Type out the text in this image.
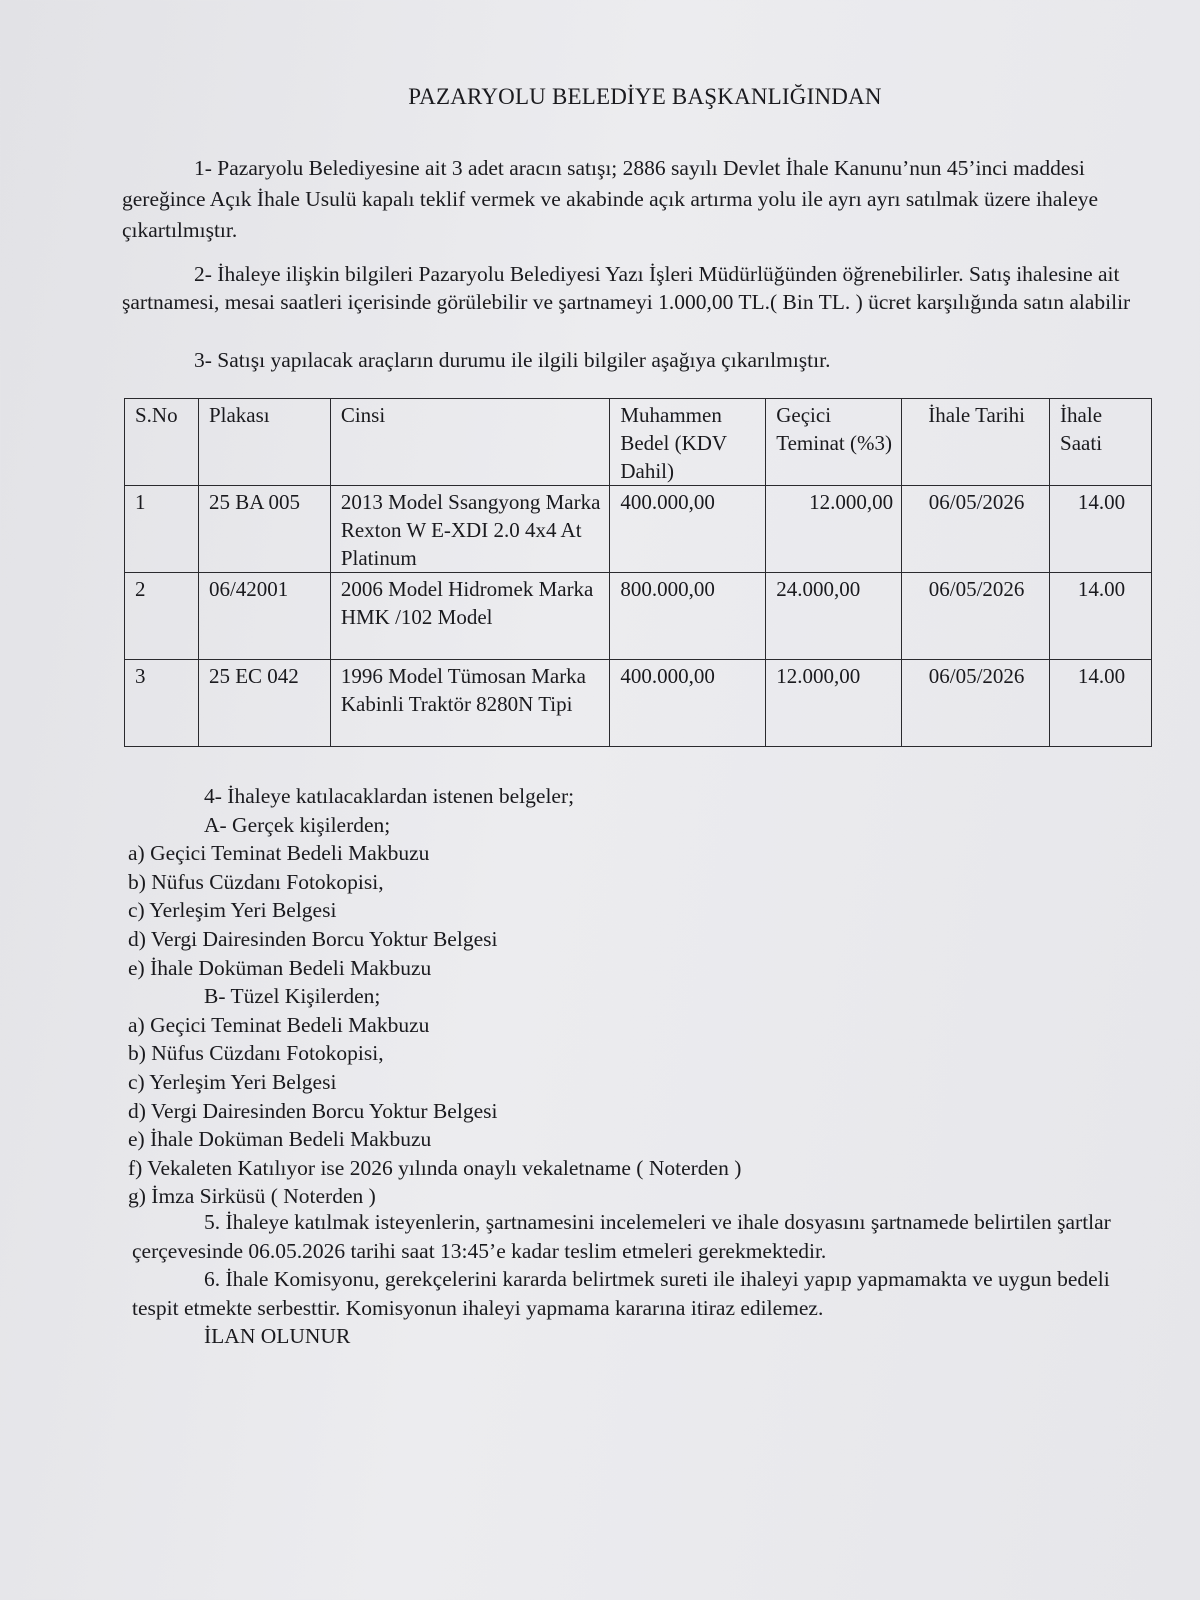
PAZARYOLU BELEDİYE BAŞKANLIĞINDAN
1- Pazaryolu Belediyesine ait 3 adet aracın satışı; 2886 sayılı Devlet İhale Kanunu’nun 45’inci maddesi gereğince Açık İhale Usulü kapalı teklif vermek ve akabinde açık artırma yolu ile ayrı ayrı satılmak üzere ihaleye çıkartılmıştır.
2- İhaleye ilişkin bilgileri Pazaryolu Belediyesi Yazı İşleri Müdürlüğünden öğrenebilirler. Satış ihalesine ait şartnamesi, mesai saatleri içerisinde görülebilir ve şartnameyi 1.000,00 TL.( Bin TL. ) ücret karşılığında satın alabilir
3- Satışı yapılacak araçların durumu ile ilgili bilgiler aşağıya çıkarılmıştır.
S.No	Plakası	Cinsi	Muhammen Bedel (KDV Dahil)	Geçici Teminat (%3)	İhale Tarihi	İhale Saati
1	25 BA 005	2013 Model Ssangyong Marka Rexton W E-XDI 2.0 4x4 At Platinum	400.000,00	12.000,00	06/05/2026	14.00
2	06/42001	2006 Model Hidromek Marka HMK /102 Model	800.000,00	24.000,00	06/05/2026	14.00
3	25 EC 042	1996 Model Tümosan Marka Kabinli Traktör 8280N Tipi	400.000,00	12.000,00	06/05/2026	14.00
4- İhaleye katılacaklardan istenen belgeler;
A- Gerçek kişilerden;
a) Geçici Teminat Bedeli Makbuzu
b) Nüfus Cüzdanı Fotokopisi,
c) Yerleşim Yeri Belgesi
d) Vergi Dairesinden Borcu Yoktur Belgesi
e) İhale Doküman Bedeli Makbuzu
B- Tüzel Kişilerden;
a) Geçici Teminat Bedeli Makbuzu
b) Nüfus Cüzdanı Fotokopisi,
c) Yerleşim Yeri Belgesi
d) Vergi Dairesinden Borcu Yoktur Belgesi
e) İhale Doküman Bedeli Makbuzu
f) Vekaleten Katılıyor ise 2026 yılında onaylı vekaletname ( Noterden )
g) İmza Sirküsü ( Noterden )
5. İhaleye katılmak isteyenlerin, şartnamesini incelemeleri ve ihale dosyasını şartnamede belirtilen şartlar çerçevesinde 06.05.2026 tarihi saat 13:45’e kadar teslim etmeleri gerekmektedir.
6. İhale Komisyonu, gerekçelerini kararda belirtmek sureti ile ihaleyi yapıp yapmamakta ve uygun bedeli tespit etmekte serbesttir. Komisyonun ihaleyi yapmama kararına itiraz edilemez.
İLAN OLUNUR
